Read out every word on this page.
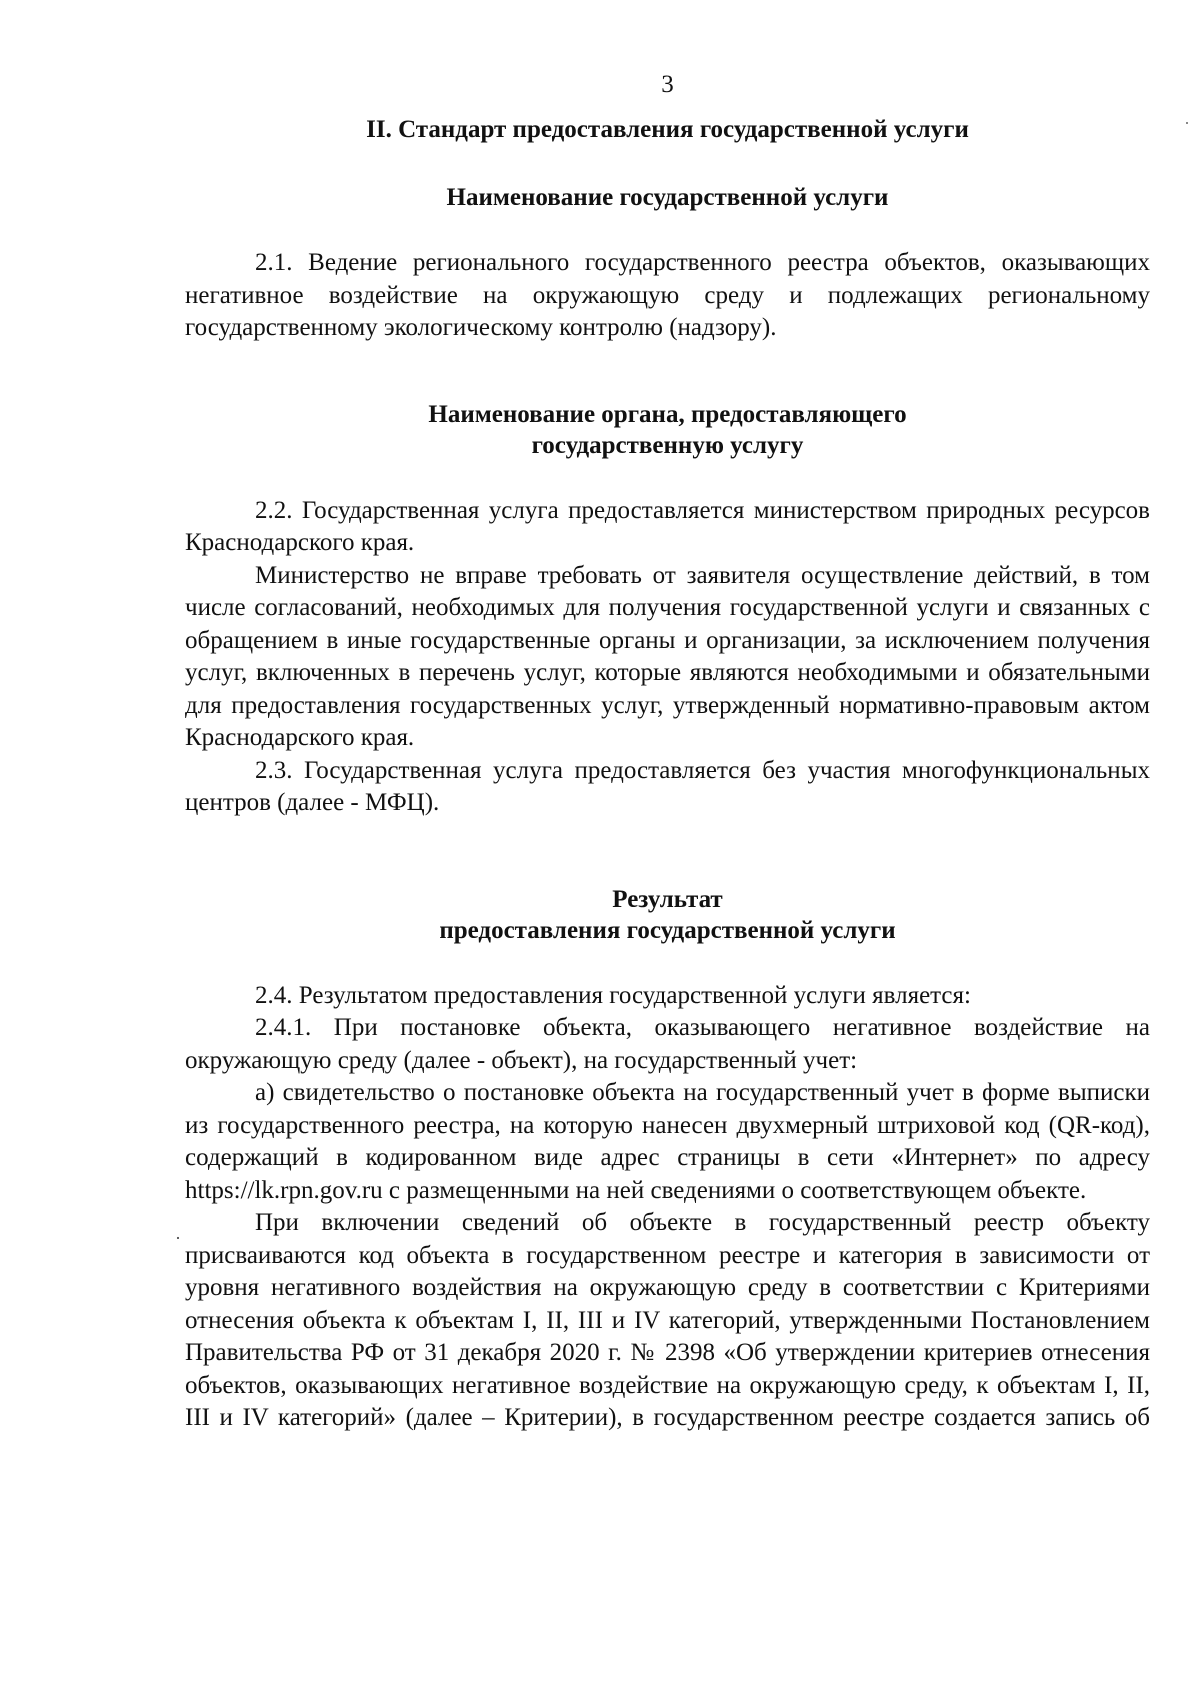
3
II. Стандарт предоставления государственной услуги
Наименование государственной услуги

2.1. Ведение регионального государственного реестра объектов, оказывающих негативное воздействие на окружающую среду и подлежащих региональному государственному экологическому контролю (надзору).

Наименование органа, предоставляющего
государственную услугу

2.2. Государственная услуга предоставляется министерством природных ресурсов Краснодарского края.

Министерство не вправе требовать от заявителя осуществление действий, в том числе согласований, необходимых для получения государственной услуги и связанных с обращением в иные государственные органы и организации, за исключением получения услуг, включенных в перечень услуг, которые являются необходимыми и обязательными для предоставления государственных услуг, утвержденный нормативно-правовым актом Краснодарского края.

2.3. Государственная услуга предоставляется без участия многофункциональных центров (далее - МФЦ).

Результат
предоставления государственной услуги

2.4. Результатом предоставления государственной услуги является:

2.4.1. При постановке объекта, оказывающего негативное воздействие на окружающую среду (далее - объект), на государственный учет:

а) свидетельство о постановке объекта на государственный учет в форме выписки из государственного реестра, на которую нанесен двухмерный штриховой код (QR-код), содержащий в кодированном виде адрес страницы в сети «Интернет» по адресу https://lk.rpn.gov.ru с размещенными на ней сведениями о соответствующем объекте.

При включении сведений об объекте в государственный реестр объекту присваиваются код объекта в государственном реестре и категория в зависимости от уровня негативного воздействия на окружающую среду в соответствии с Критериями отнесения объекта к объектам I, II, III и IV категорий, утвержденными Постановлением Правительства РФ от 31 декабря 2020 г. № 2398 «Об утверждении критериев отнесения объектов, оказывающих негативное воздействие на окружающую среду, к объектам I, II, III и IV категорий» (далее – Критерии), в государственном реестре создается запись об

·
